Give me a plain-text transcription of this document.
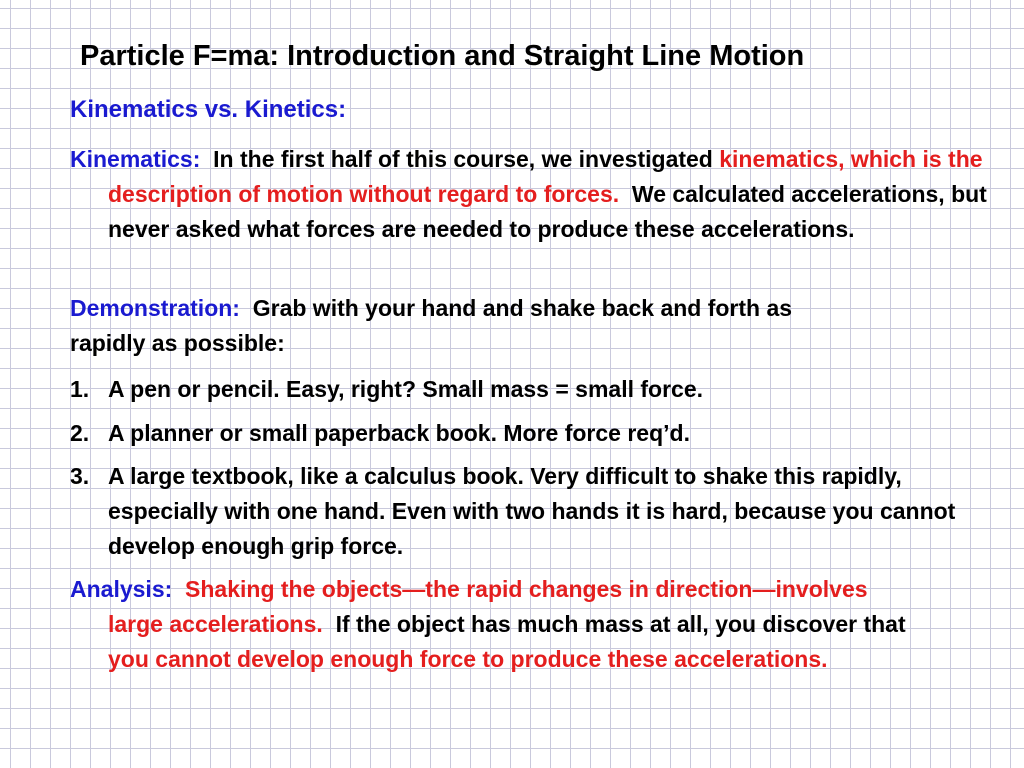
Particle F=ma: Introduction and Straight Line Motion
Kinematics vs. Kinetics:
Kinematics: In the first half of this course, we investigated kinematics, which is the description of motion without regard to forces. We calculated accelerations, but never asked what forces are needed to produce these accelerations.
Demonstration: Grab with your hand and shake back and forth as rapidly as possible:
1. A pen or pencil. Easy, right? Small mass = small force.
2. A planner or small paperback book. More force req’d.
3. A large textbook, like a calculus book. Very difficult to shake this rapidly, especially with one hand. Even with two hands it is hard, because you cannot develop enough grip force.
Analysis: Shaking the objects—the rapid changes in direction—involves large accelerations. If the object has much mass at all, you discover that you cannot develop enough force to produce these accelerations.
